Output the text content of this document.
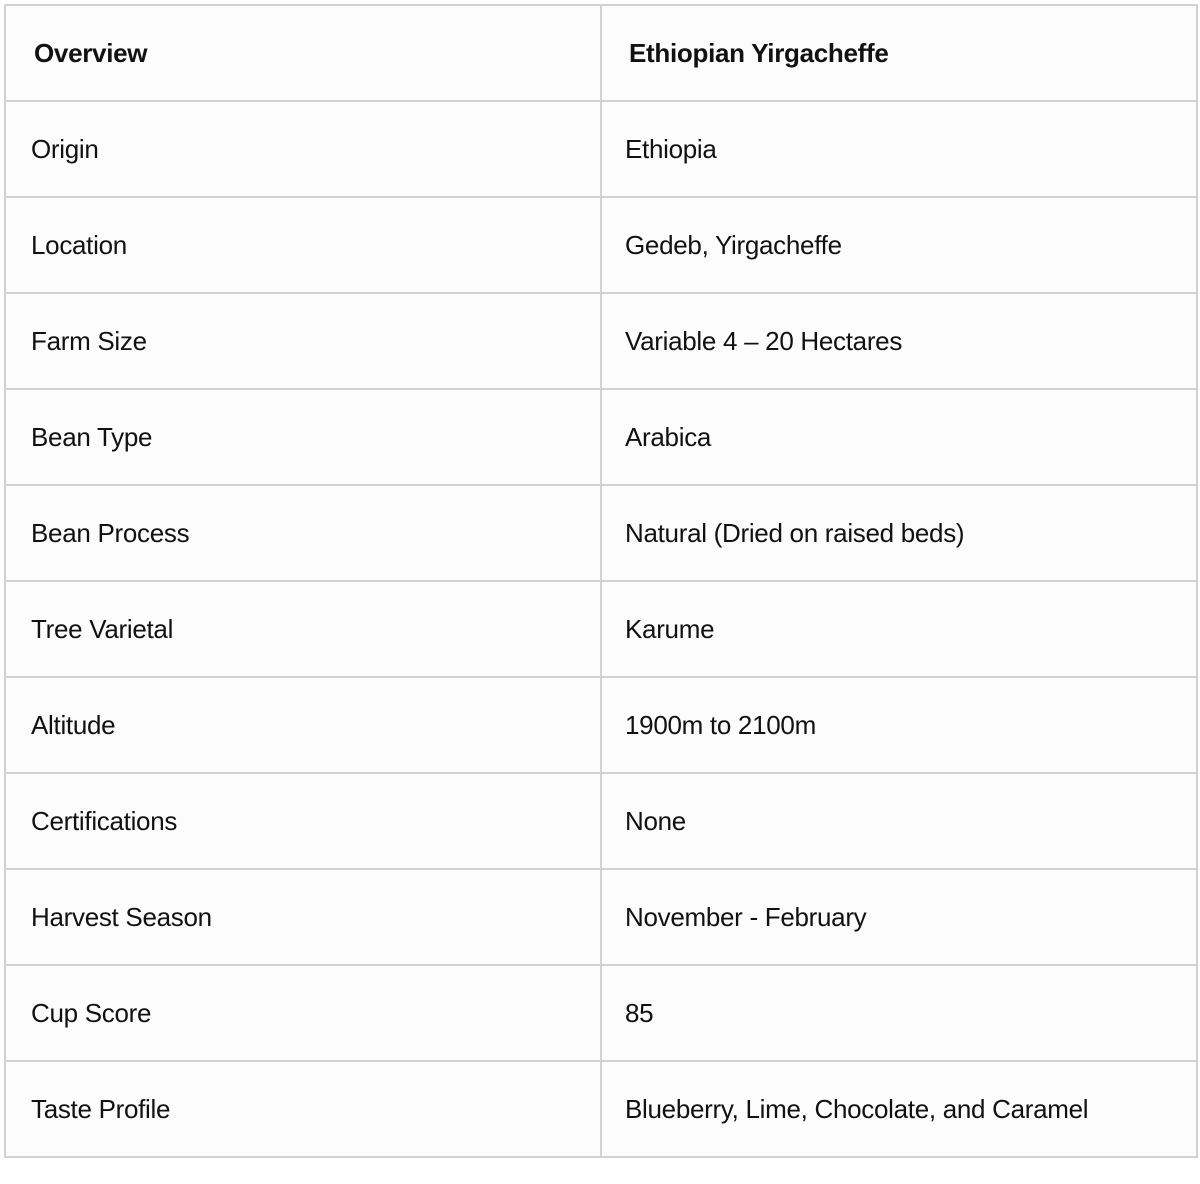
Overview	Ethiopian Yirgacheffe
Origin	Ethiopia
Location	Gedeb, Yirgacheffe
Farm Size	Variable 4 – 20 Hectares
Bean Type	Arabica
Bean Process	Natural (Dried on raised beds)
Tree Varietal	Karume
Altitude	1900m to 2100m
Certifications	None
Harvest Season	November - February
Cup Score	85
Taste Profile	Blueberry, Lime, Chocolate, and Caramel
